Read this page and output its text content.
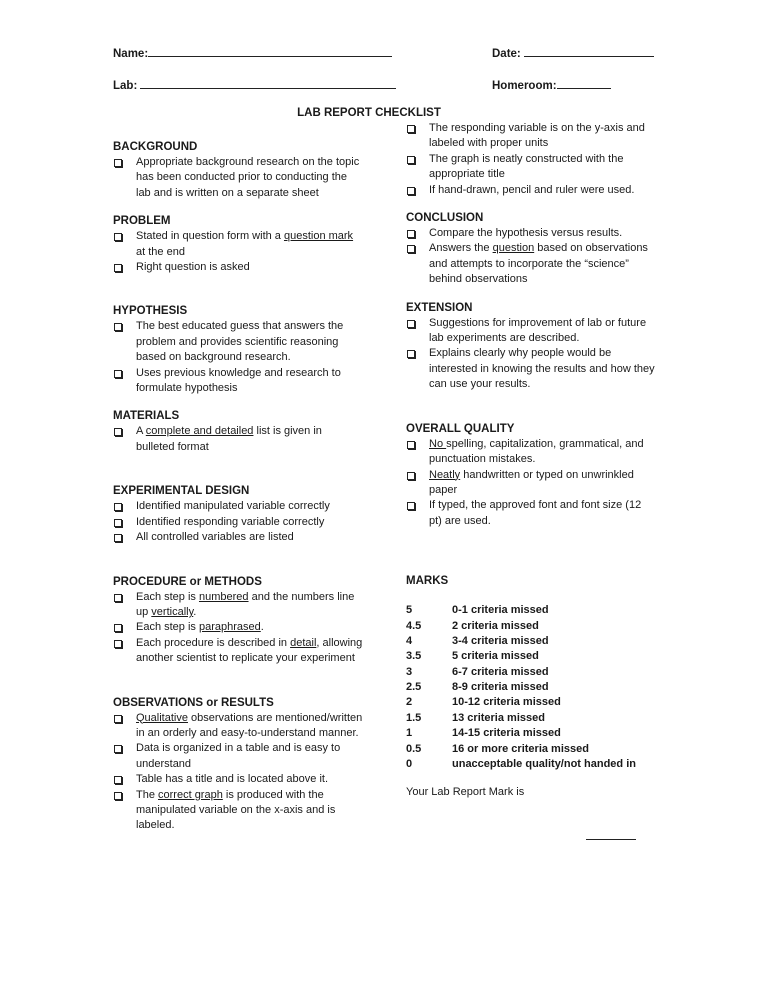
Name:	Date:
Lab:	Homeroom:
LAB REPORT CHECKLIST
BACKGROUND

Appropriate background research on the topic has been conducted prior to conducting the lab and is written on a separate sheet

PROBLEM

Stated in question form with a question mark at the end

Right question is asked

HYPOTHESIS

The best educated guess that answers the problem and provides scientific reasoning based on background research.

Uses previous knowledge and research to formulate hypothesis

MATERIALS

A complete and detailed list is given in bulleted format

EXPERIMENTAL DESIGN

Identified manipulated variable correctly

Identified responding variable correctly

All controlled variables are listed

PROCEDURE or METHODS

Each step is numbered and the numbers line up vertically.

Each step is paraphrased.

Each procedure is described in detail, allowing another scientist to replicate your experiment

OBSERVATIONS or RESULTS

Qualitative observations are mentioned/written in an orderly and easy-to-understand manner.

Data is organized in a table and is easy to understand

Table has a title and is located above it.

The correct graph is produced with the manipulated variable on the x-axis and is labeled.

The responding variable is on the y-axis and labeled with proper units

The graph is neatly constructed with the appropriate title

If hand-drawn, pencil and ruler were used.

CONCLUSION

Compare the hypothesis versus results.

Answers the question based on observations and attempts to incorporate the “science” behind observations

EXTENSION

Suggestions for improvement of lab or future lab experiments are described.

Explains clearly why people would be interested in knowing the results and how they can use your results.

OVERALL QUALITY

No spelling, capitalization, grammatical, and punctuation mistakes.

Neatly handwritten or typed on unwrinkled paper

If typed, the approved font and font size (12 pt) are used.

MARKS
5	0-1 criteria missed
4.5	2 criteria missed
4	3-4 criteria missed
3.5	5 criteria missed
3	6-7 criteria missed
2.5	8-9 criteria missed
2	10-12 criteria missed
1.5	13 criteria missed
1	14-15 criteria missed
0.5	16 or more criteria missed
0	unacceptable quality/not handed in
Your Lab Report Mark is
